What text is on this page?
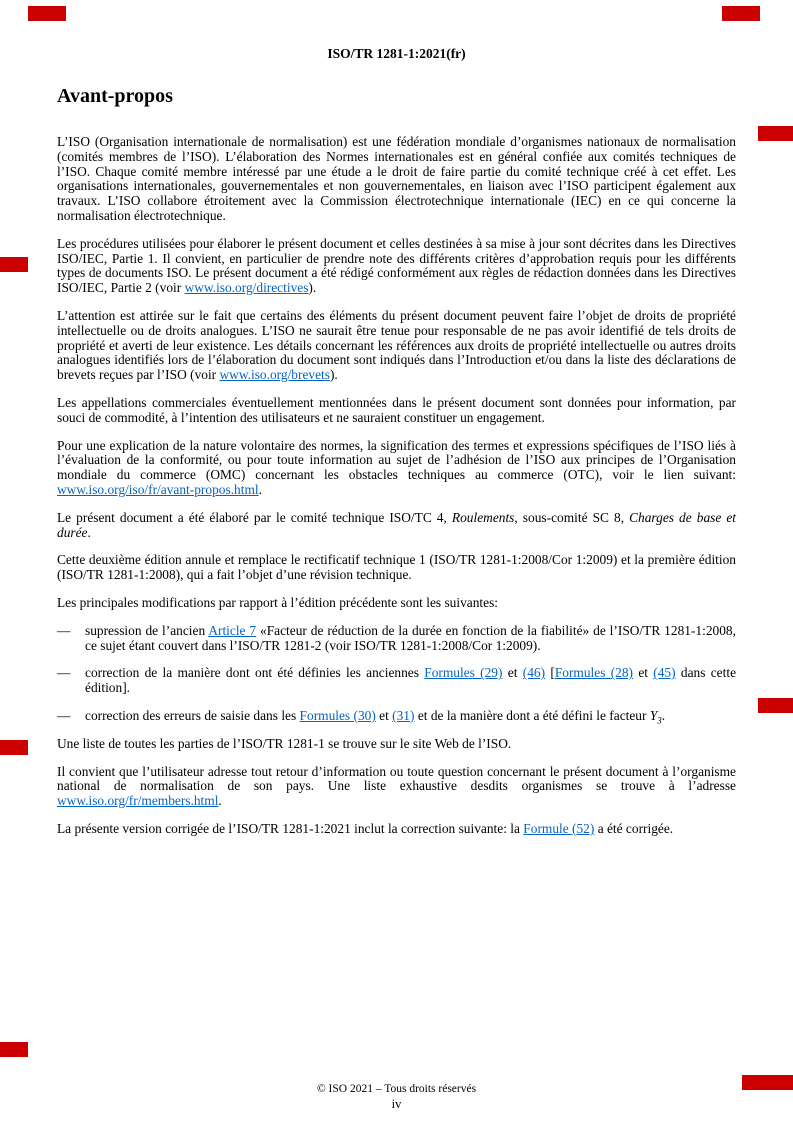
ISO/TR 1281-1:2021(fr)
Avant-propos

L’ISO (Organisation internationale de normalisation) est une fédération mondiale d’organismes nationaux de normalisation (comités membres de l’ISO). L’élaboration des Normes internationales est en général confiée aux comités techniques de l’ISO. Chaque comité membre intéressé par une étude a le droit de faire partie du comité technique créé à cet effet. Les organisations internationales, gouvernementales et non gouvernementales, en liaison avec l’ISO participent également aux travaux. L’ISO collabore étroitement avec la Commission électrotechnique internationale (IEC) en ce qui concerne la normalisation électrotechnique.

Les procédures utilisées pour élaborer le présent document et celles destinées à sa mise à jour sont décrites dans les Directives ISO/IEC, Partie 1. Il convient, en particulier de prendre note des différents critères d’approbation requis pour les différents types de documents ISO. Le présent document a été rédigé conformément aux règles de rédaction données dans les Directives ISO/IEC, Partie 2 (voir www.iso.org/directives).

L’attention est attirée sur le fait que certains des éléments du présent document peuvent faire l’objet de droits de propriété intellectuelle ou de droits analogues. L’ISO ne saurait être tenue pour responsable de ne pas avoir identifié de tels droits de propriété et averti de leur existence. Les détails concernant les références aux droits de propriété intellectuelle ou autres droits analogues identifiés lors de l’élaboration du document sont indiqués dans l’Introduction et/ou dans la liste des déclarations de brevets reçues par l’ISO (voir www.iso.org/brevets).

Les appellations commerciales éventuellement mentionnées dans le présent document sont données pour information, par souci de commodité, à l’intention des utilisateurs et ne sauraient constituer un engagement.

Pour une explication de la nature volontaire des normes, la signification des termes et expressions spécifiques de l’ISO liés à l’évaluation de la conformité, ou pour toute information au sujet de l’adhésion de l’ISO aux principes de l’Organisation mondiale du commerce (OMC) concernant les obstacles techniques au commerce (OTC), voir le lien suivant: www.iso.org/iso/fr/avant-propos.html.

Le présent document a été élaboré par le comité technique ISO/TC 4, Roulements, sous-comité SC 8, Charges de base et durée.

Cette deuxième édition annule et remplace le rectificatif technique 1 (ISO/TR 1281-1:2008/Cor 1:2009) et la première édition (ISO/TR 1281-1:2008), qui a fait l’objet d’une révision technique.

Les principales modifications par rapport à l’édition précédente sont les suivantes:

—	supression de l’ancien Article 7 «Facteur de réduction de la durée en fonction de la fiabilité» de l’ISO/TR 1281-1:2008, ce sujet étant couvert dans l’ISO/TR 1281-2 (voir ISO/TR 1281-1:2008/Cor 1:2009).
—	correction de la manière dont ont été définies les anciennes Formules (29) et (46) [Formules (28) et (45) dans cette édition].
—	correction des erreurs de saisie dans les Formules (30) et (31) et de la manière dont a été défini le facteur $Y_3$.

Une liste de toutes les parties de l’ISO/TR 1281-1 se trouve sur le site Web de l’ISO.

Il convient que l’utilisateur adresse tout retour d’information ou toute question concernant le présent document à l’organisme national de normalisation de son pays. Une liste exhaustive desdits organismes se trouve à l’adresse www.iso.org/fr/members.html.

La présente version corrigée de l’ISO/TR 1281-1:2021 inclut la correction suivante: la Formule (52) a été corrigée.

© ISO 2021 – Tous droits réservés
iv
